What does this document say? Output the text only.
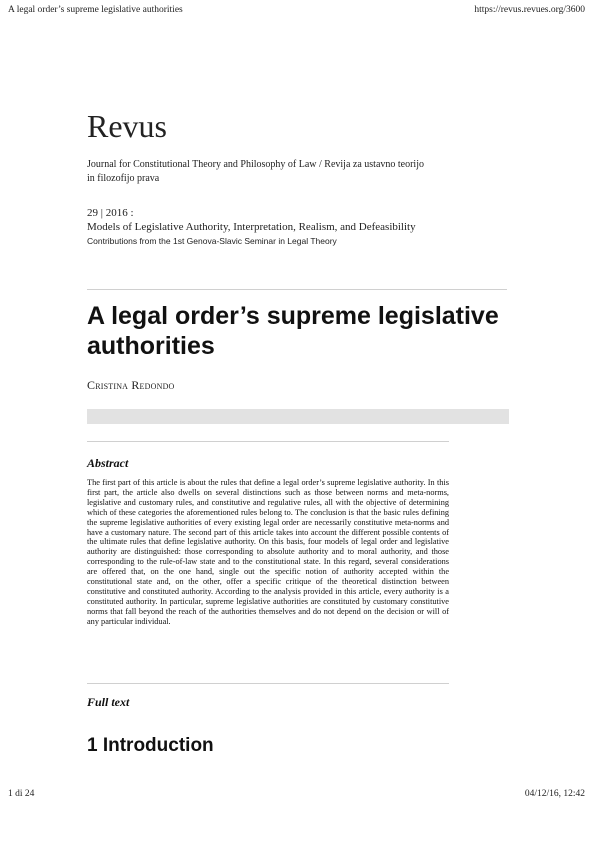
A legal order’s supreme legislative authorities	https://revus.revues.org/3600
Revus
Journal for Constitutional Theory and Philosophy of Law / Revija za ustavno teorijo in filozofijo prava
29 | 2016 :
Models of Legislative Authority, Interpretation, Realism, and Defeasibility
Contributions from the 1st Genova-Slavic Seminar in Legal Theory
A legal order’s supreme legislative authorities
Cristina Redondo
Abstract

The first part of this article is about the rules that define a legal order’s supreme legislative authority. In this first part, the article also dwells on several distinctions such as those between norms and meta-norms, legislative and customary rules, and constitutive and regulative rules, all with the objective of determining which of these categories the aforementioned rules belong to. The conclusion is that the basic rules defining the supreme legislative authorities of every existing legal order are necessarily constitutive meta-norms and have a customary nature. The second part of this article takes into account the different possible contents of the ultimate rules that define legislative authority. On this basis, four models of legal order and legislative authority are distinguished: those corresponding to absolute authority and to moral authority, and those corresponding to the rule-of-law state and to the constitutional state. In this regard, several considerations are offered that, on the one hand, single out the specific notion of authority accepted within the constitutional state and, on the other, offer a specific critique of the theoretical distinction between constitutive and constituted authority. According to the analysis provided in this article, every authority is a constituted authority. In particular, supreme legislative authorities are constituted by customary constitutive norms that fall beyond the reach of the authorities themselves and do not depend on the decision or will of any particular individual.

Full text
1 Introduction
1 di 24	04/12/16, 12:42
